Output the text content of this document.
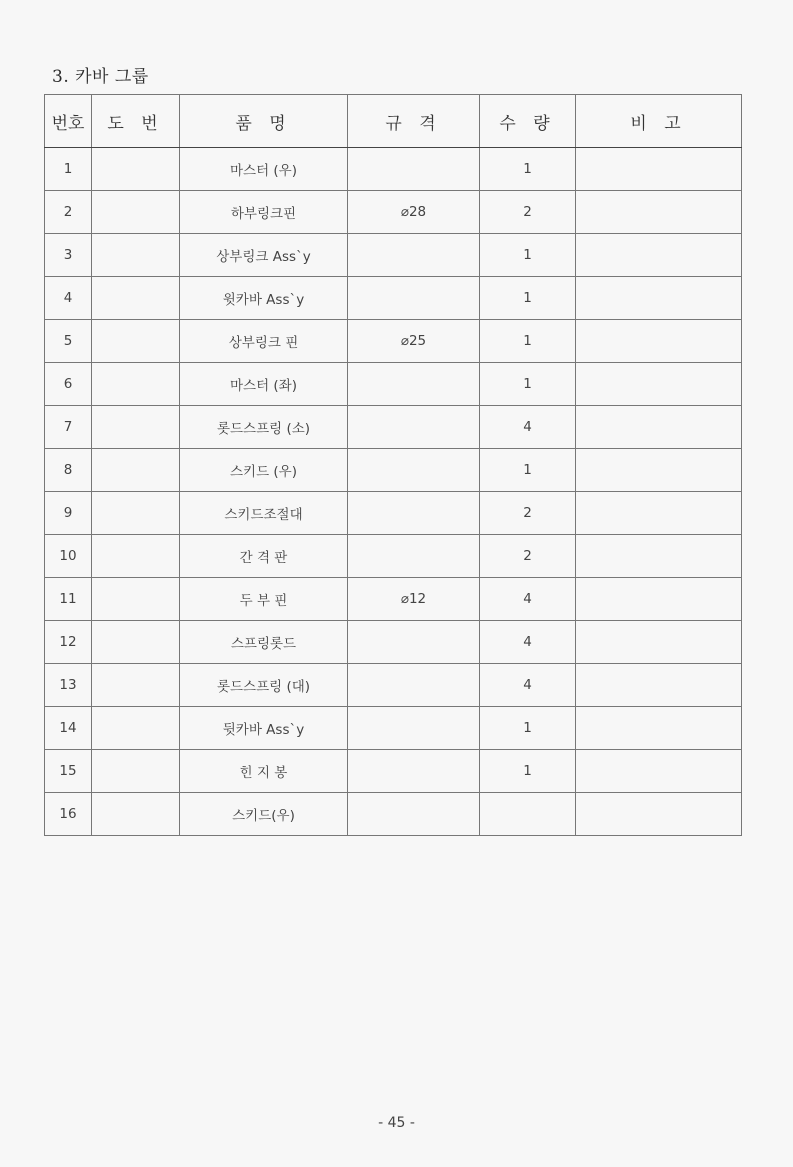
3. 카바 그룹
번호	도 번	품 명	규 격	수 량	비 고
1		마스터 (우)		1	
2		하부링크핀	⌀28	2	
3		상부링크 Ass`y		1	
4		윗카바 Ass`y		1	
5		상부링크 핀	⌀25	1	
6		마스터 (좌)		1	
7		롯드스프링 (소)		4	
8		스키드 (우)		1	
9		스키드조절대		2	
10		간 격 판		2	
11		두 부 핀	⌀12	4	
12		스프링롯드		4	
13		롯드스프링 (대)		4	
14		뒷카바 Ass`y		1	
15		힌 지 봉		1	
16		스키드(우)			
- 45 -
